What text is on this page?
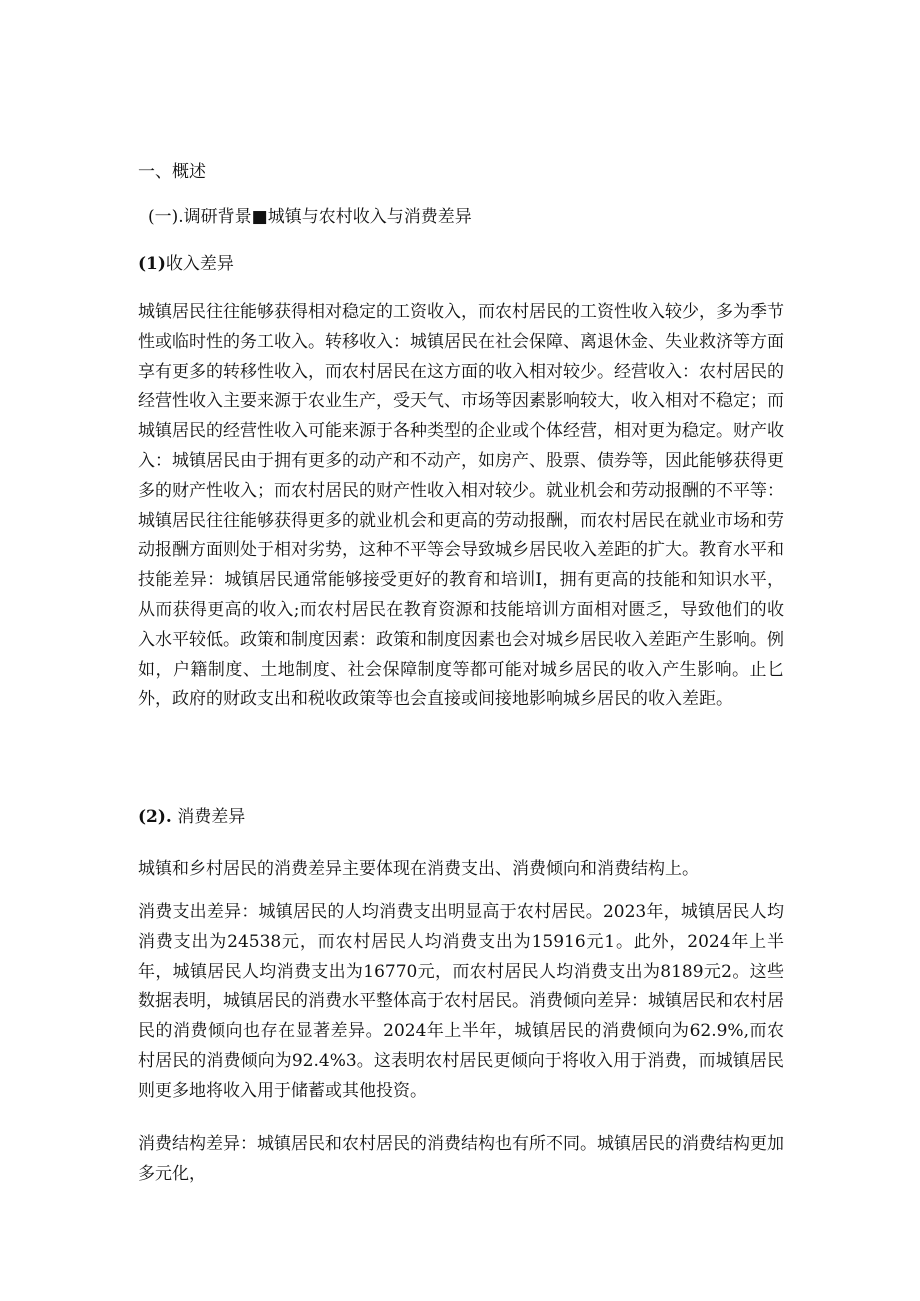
一、概述
(一).调研背景■城镇与农村收入与消费差异
(1)收入差异
城镇居民往往能够获得相对稳定的工资收入，而农村居民的工资性收入较少，多为季节性或临时性的务工收入。转移收入：城镇居民在社会保障、离退休金、失业救济等方面享有更多的转移性收入，而农村居民在这方面的收入相对较少。经营收入：农村居民的经营性收入主要来源于农业生产，受天气、市场等因素影响较大，收入相对不稳定；而城镇居民的经营性收入可能来源于各种类型的企业或个体经营，相对更为稳定。财产收入：城镇居民由于拥有更多的动产和不动产，如房产、股票、债券等，因此能够获得更多的财产性收入；而农村居民的财产性收入相对较少。就业机会和劳动报酬的不平等：城镇居民往往能够获得更多的就业机会和更高的劳动报酬，而农村居民在就业市场和劳动报酬方面则处于相对劣势，这种不平等会导致城乡居民收入差距的扩大。教育水平和技能差异：城镇居民通常能够接受更好的教育和培训I，拥有更高的技能和知识水平，从而获得更高的收入;而农村居民在教育资源和技能培训方面相对匮乏，导致他们的收入水平较低。政策和制度因素：政策和制度因素也会对城乡居民收入差距产生影响。例如，户籍制度、土地制度、社会保障制度等都可能对城乡居民的收入产生影响。止匕外，政府的财政支出和税收政策等也会直接或间接地影响城乡居民的收入差距。
(2). 消费差异
城镇和乡村居民的消费差异主要体现在消费支出、消费倾向和消费结构上。
消费支出差异：城镇居民的人均消费支出明显高于农村居民。2023年，城镇居民人均消费支出为24538元，而农村居民人均消费支出为15916元1。此外，2024年上半年，城镇居民人均消费支出为16770元，而农村居民人均消费支出为8189元2。这些数据表明，城镇居民的消费水平整体高于农村居民。消费倾向差异：城镇居民和农村居民的消费倾向也存在显著差异。2024年上半年，城镇居民的消费倾向为62.9%,而农村居民的消费倾向为92.4%3。这表明农村居民更倾向于将收入用于消费，而城镇居民则更多地将收入用于储蓄或其他投资。
消费结构差异：城镇居民和农村居民的消费结构也有所不同。城镇居民的消费结构更加多元化，
